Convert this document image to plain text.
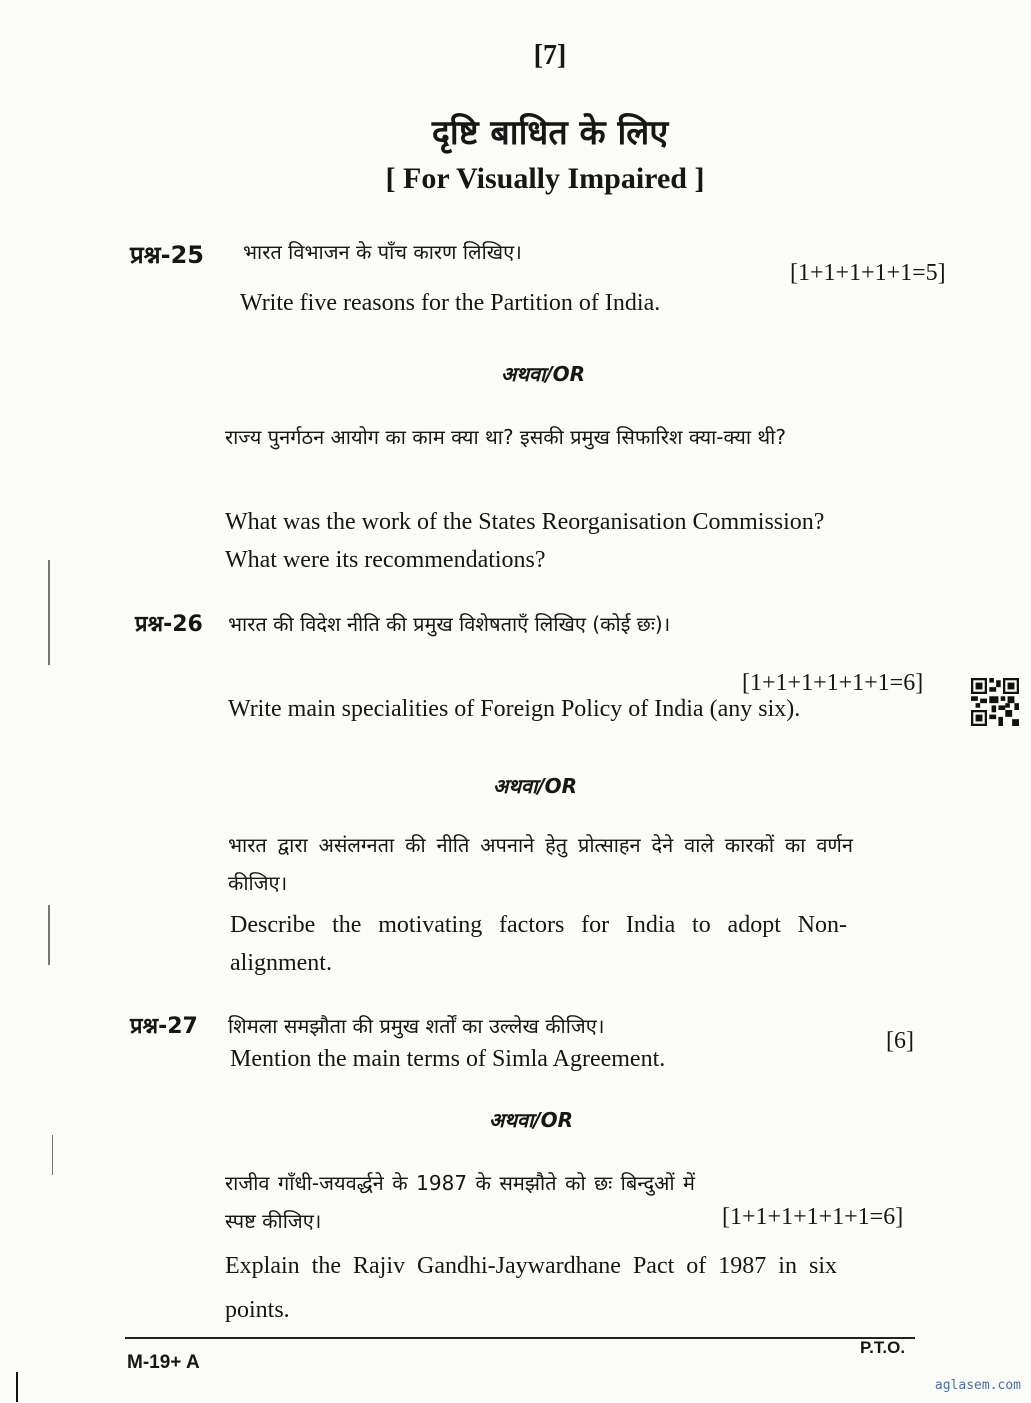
[7]
दृष्टि बाधित के लिए
[ For Visually Impaired ]
प्रश्न-25 भारत विभाजन के पाँच कारण लिखिए।
[1+1+1+1+1=5]
Write five reasons for the Partition of India.
अथवा/OR
राज्य पुनर्गठन आयोग का काम क्या था? इसकी प्रमुख सिफारिश क्या-क्या थी?
What was the work of the States Reorganisation Commission? What were its recommendations?
प्रश्न-26 भारत की विदेश नीति की प्रमुख विशेषताएँ लिखिए (कोई छः)।
[1+1+1+1+1+1=6]
Write main specialities of Foreign Policy of India (any six).
अथवा/OR
भारत द्वारा असंलग्नता की नीति अपनाने हेतु प्रोत्साहन देने वाले कारकों का वर्णन कीजिए।
Describe the motivating factors for India to adopt Non-alignment.
प्रश्न-27 शिमला समझौता की प्रमुख शर्तों का उल्लेख कीजिए।
[6]
Mention the main terms of Simla Agreement.
अथवा/OR
राजीव गाँधी-जयवर्द्धने के 1987 के समझौते को छः बिन्दुओं में स्पष्ट कीजिए।	[1+1+1+1+1+1=6]
Explain the Rajiv Gandhi-Jaywardhane Pact of 1987 in six points.
M-19+ A
P.T.O.
aglasem.com
